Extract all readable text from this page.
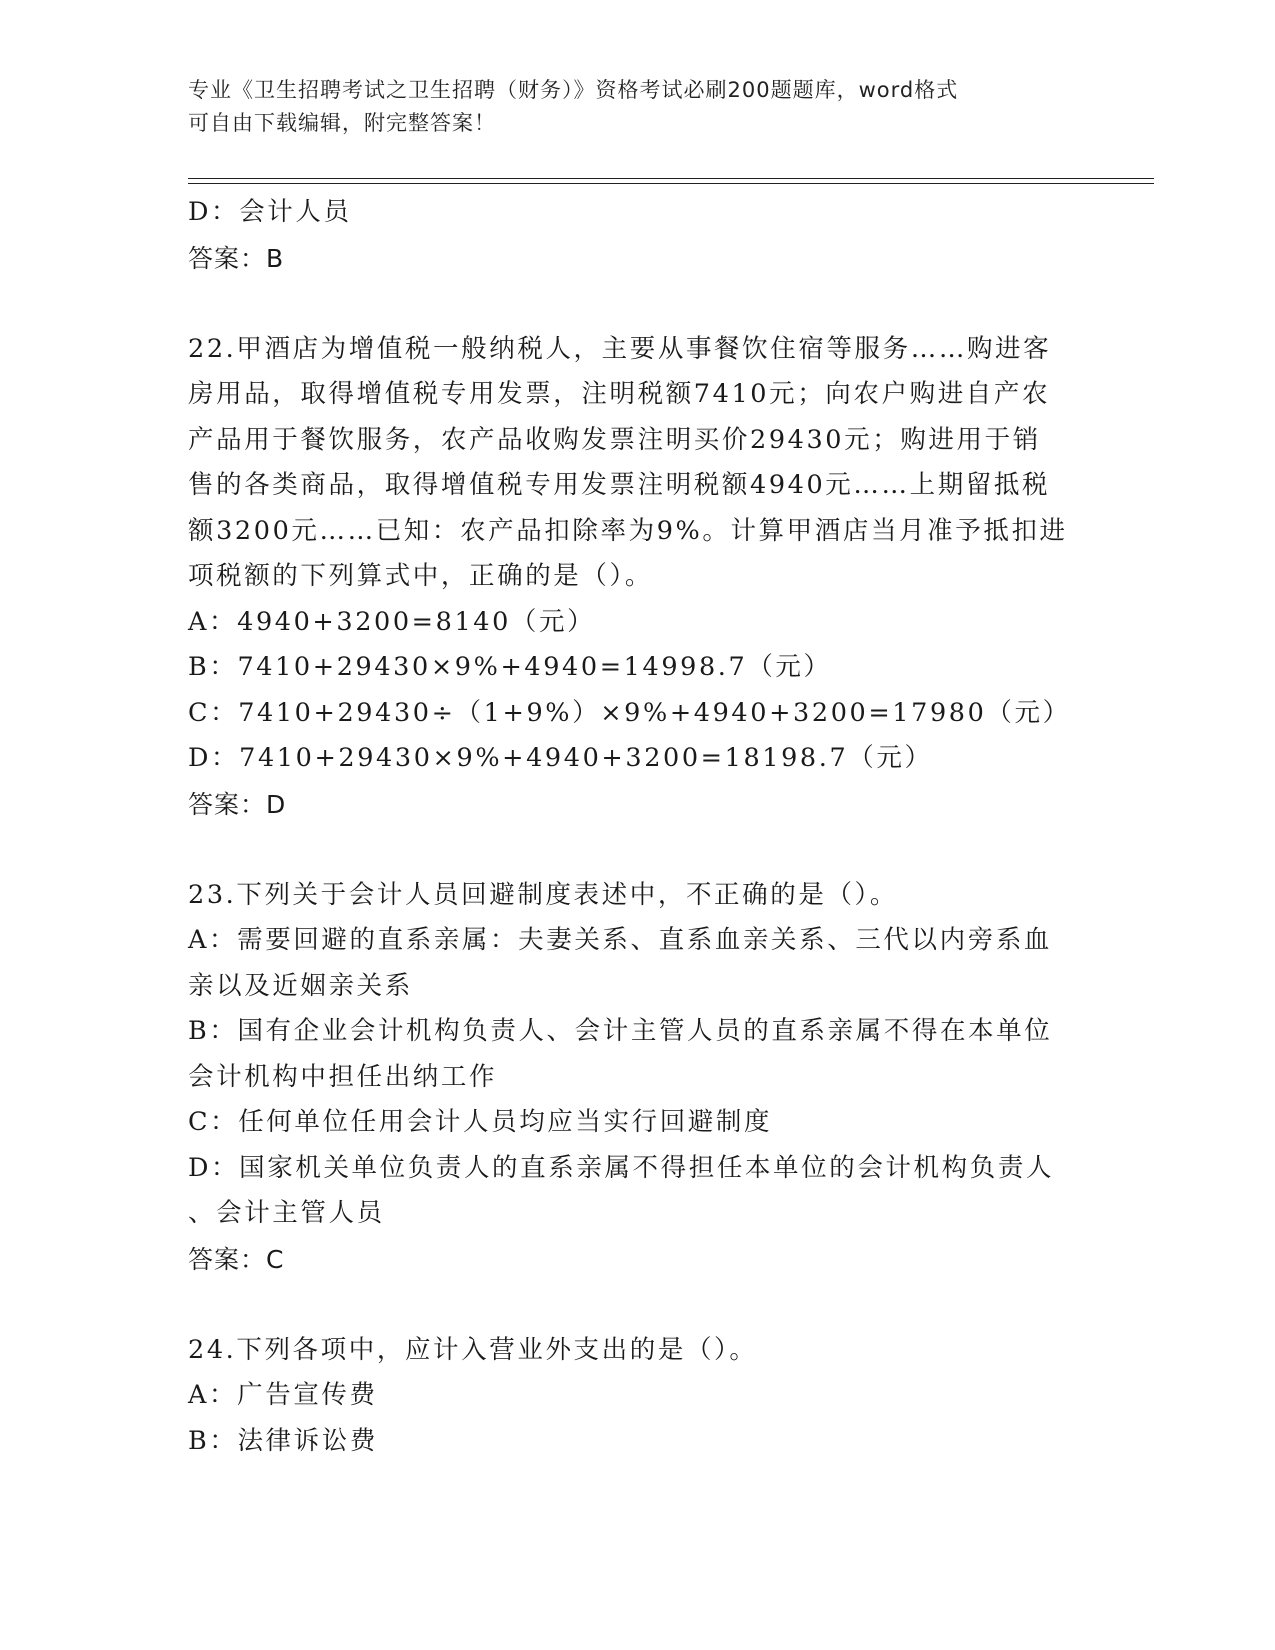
专业《卫生招聘考试之卫生招聘（财务）》资格考试必刷200题题库，word格式
可自由下载编辑，附完整答案！
D：会计人员
答案：B
22.甲酒店为增值税一般纳税人，主要从事餐饮住宿等服务……购进客
房用品，取得增值税专用发票，注明税额7410元；向农户购进自产农
产品用于餐饮服务，农产品收购发票注明买价29430元；购进用于销
售的各类商品，取得增值税专用发票注明税额4940元……上期留抵税
额3200元……已知：农产品扣除率为9%。计算甲酒店当月准予抵扣进
项税额的下列算式中，正确的是（）。
A：4940+3200=8140（元）
B：7410+29430×9%+4940=14998.7（元）
C：7410+29430÷（1+9%）×9%+4940+3200=17980（元）
D：7410+29430×9%+4940+3200=18198.7（元）
答案：D
23.下列关于会计人员回避制度表述中，不正确的是（）。
A：需要回避的直系亲属：夫妻关系、直系血亲关系、三代以内旁系血
亲以及近姻亲关系
B：国有企业会计机构负责人、会计主管人员的直系亲属不得在本单位
会计机构中担任出纳工作
C：任何单位任用会计人员均应当实行回避制度
D：国家机关单位负责人的直系亲属不得担任本单位的会计机构负责人
、会计主管人员
答案：C
24.下列各项中，应计入营业外支出的是（）。
A：广告宣传费
B：法律诉讼费
